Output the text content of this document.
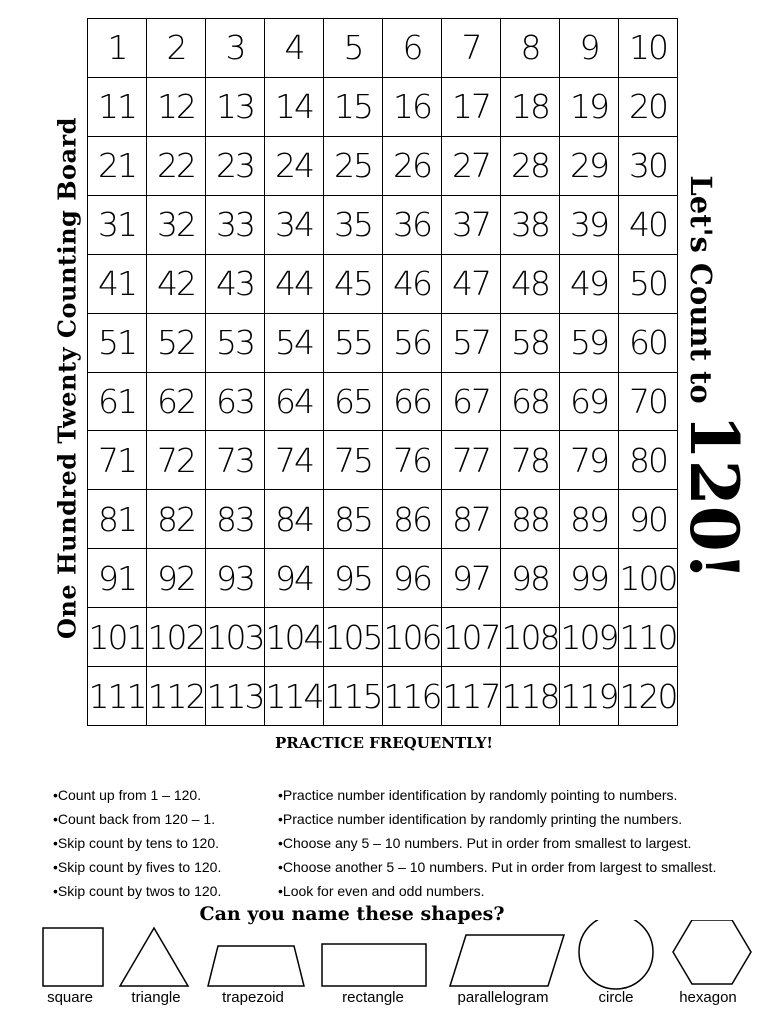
One Hundred Twenty Counting Board	Let's Count to 120!
1	2	3	4	5	6	7	8	9 10
11 12 13 14 15 16 17 18 19 20
21 22 23 24 25 26 27 28 29 30
31 32 33 34 35 36 37 38 39 40
41 42 43 44 45 46 47 48 49 50
51 52 53 54 55 56 57 58 59 60
61 62 63 64 65 66 67 68 69 70
71 72 73 74 75 76 77 78 79 80
81 82 83 84 85 86 87 88 89 90
91 92 93 94 95 96 97 98 99 100
101 102 103 104 105 106 107 108 109 110
111 112 113 114 115 116 117 118 119 120
PRACTICE FREQUENTLY!
•Count up from 1 – 120.
•Count back from 120 – 1.
•Skip count by tens to 120.
•Skip count by fives to 120.
•Skip count by twos to 120.
•Practice number identification by randomly pointing to numbers.
•Practice number identification by randomly printing the numbers.
•Choose any 5 – 10 numbers. Put in order from smallest to largest.
•Choose another 5 – 10 numbers. Put in order from largest to smallest.
•Look for even and odd numbers.
Can you name these shapes?
square	triangle	trapezoid	rectangle	parallelogram	circle	hexagon
